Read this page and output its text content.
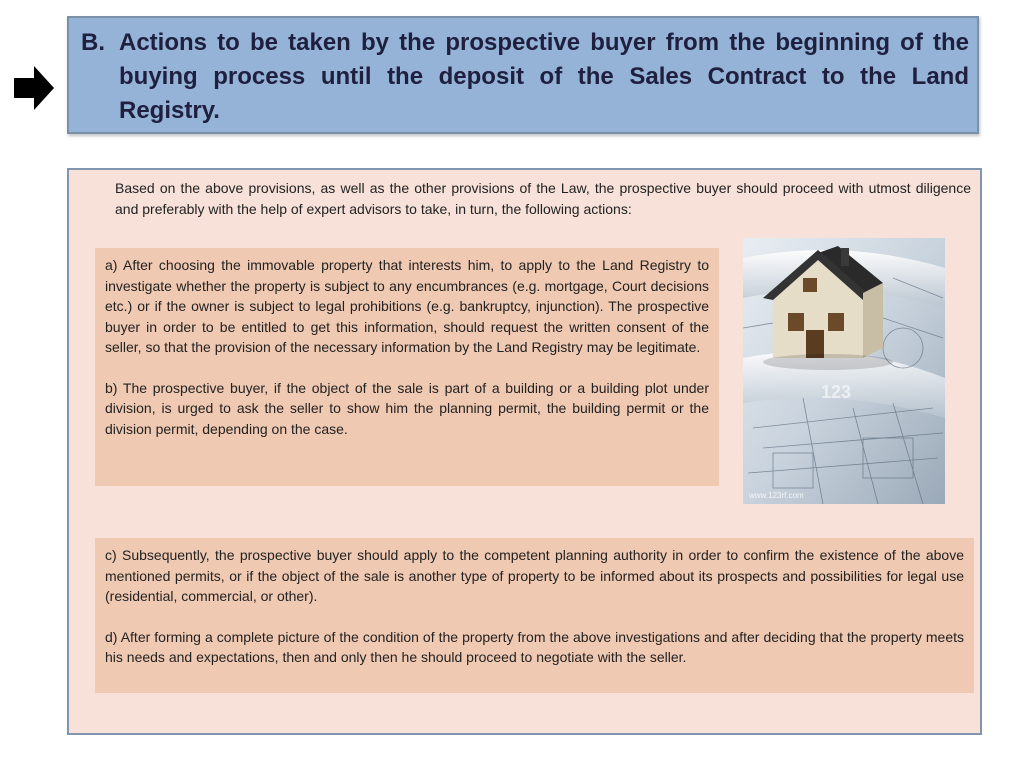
B. Actions to be taken by the prospective buyer from the beginning of the buying process until the deposit of the Sales Contract to the Land Registry.
Based on the above provisions, as well as the other provisions of the Law, the prospective buyer should proceed with utmost diligence and preferably with the help of expert advisors to take, in turn, the following actions:

a) After choosing the immovable property that interests him, to apply to the Land Registry to investigate whether the property is subject to any encumbrances (e.g. mortgage, Court decisions etc.) or if the owner is subject to legal prohibitions (e.g. bankruptcy, injunction). The prospective buyer in order to be entitled to get this information, should request the written consent of the seller, so that the provision of the necessary information by the Land Registry may be legitimate.

b) The prospective buyer, if the object of the sale is part of a building or a building plot under division, is urged to ask the seller to show him the planning permit, the building permit or the division permit, depending on the case.

123
www.123rf.com

c) Subsequently, the prospective buyer should apply to the competent planning authority in order to confirm the existence of the above mentioned permits, or if the object of the sale is another type of property to be informed about its prospects and possibilities for legal use (residential, commercial, or other).

d) After forming a complete picture of the condition of the property from the above investigations and after deciding that the property meets his needs and expectations, then and only then he should proceed to negotiate with the seller.
